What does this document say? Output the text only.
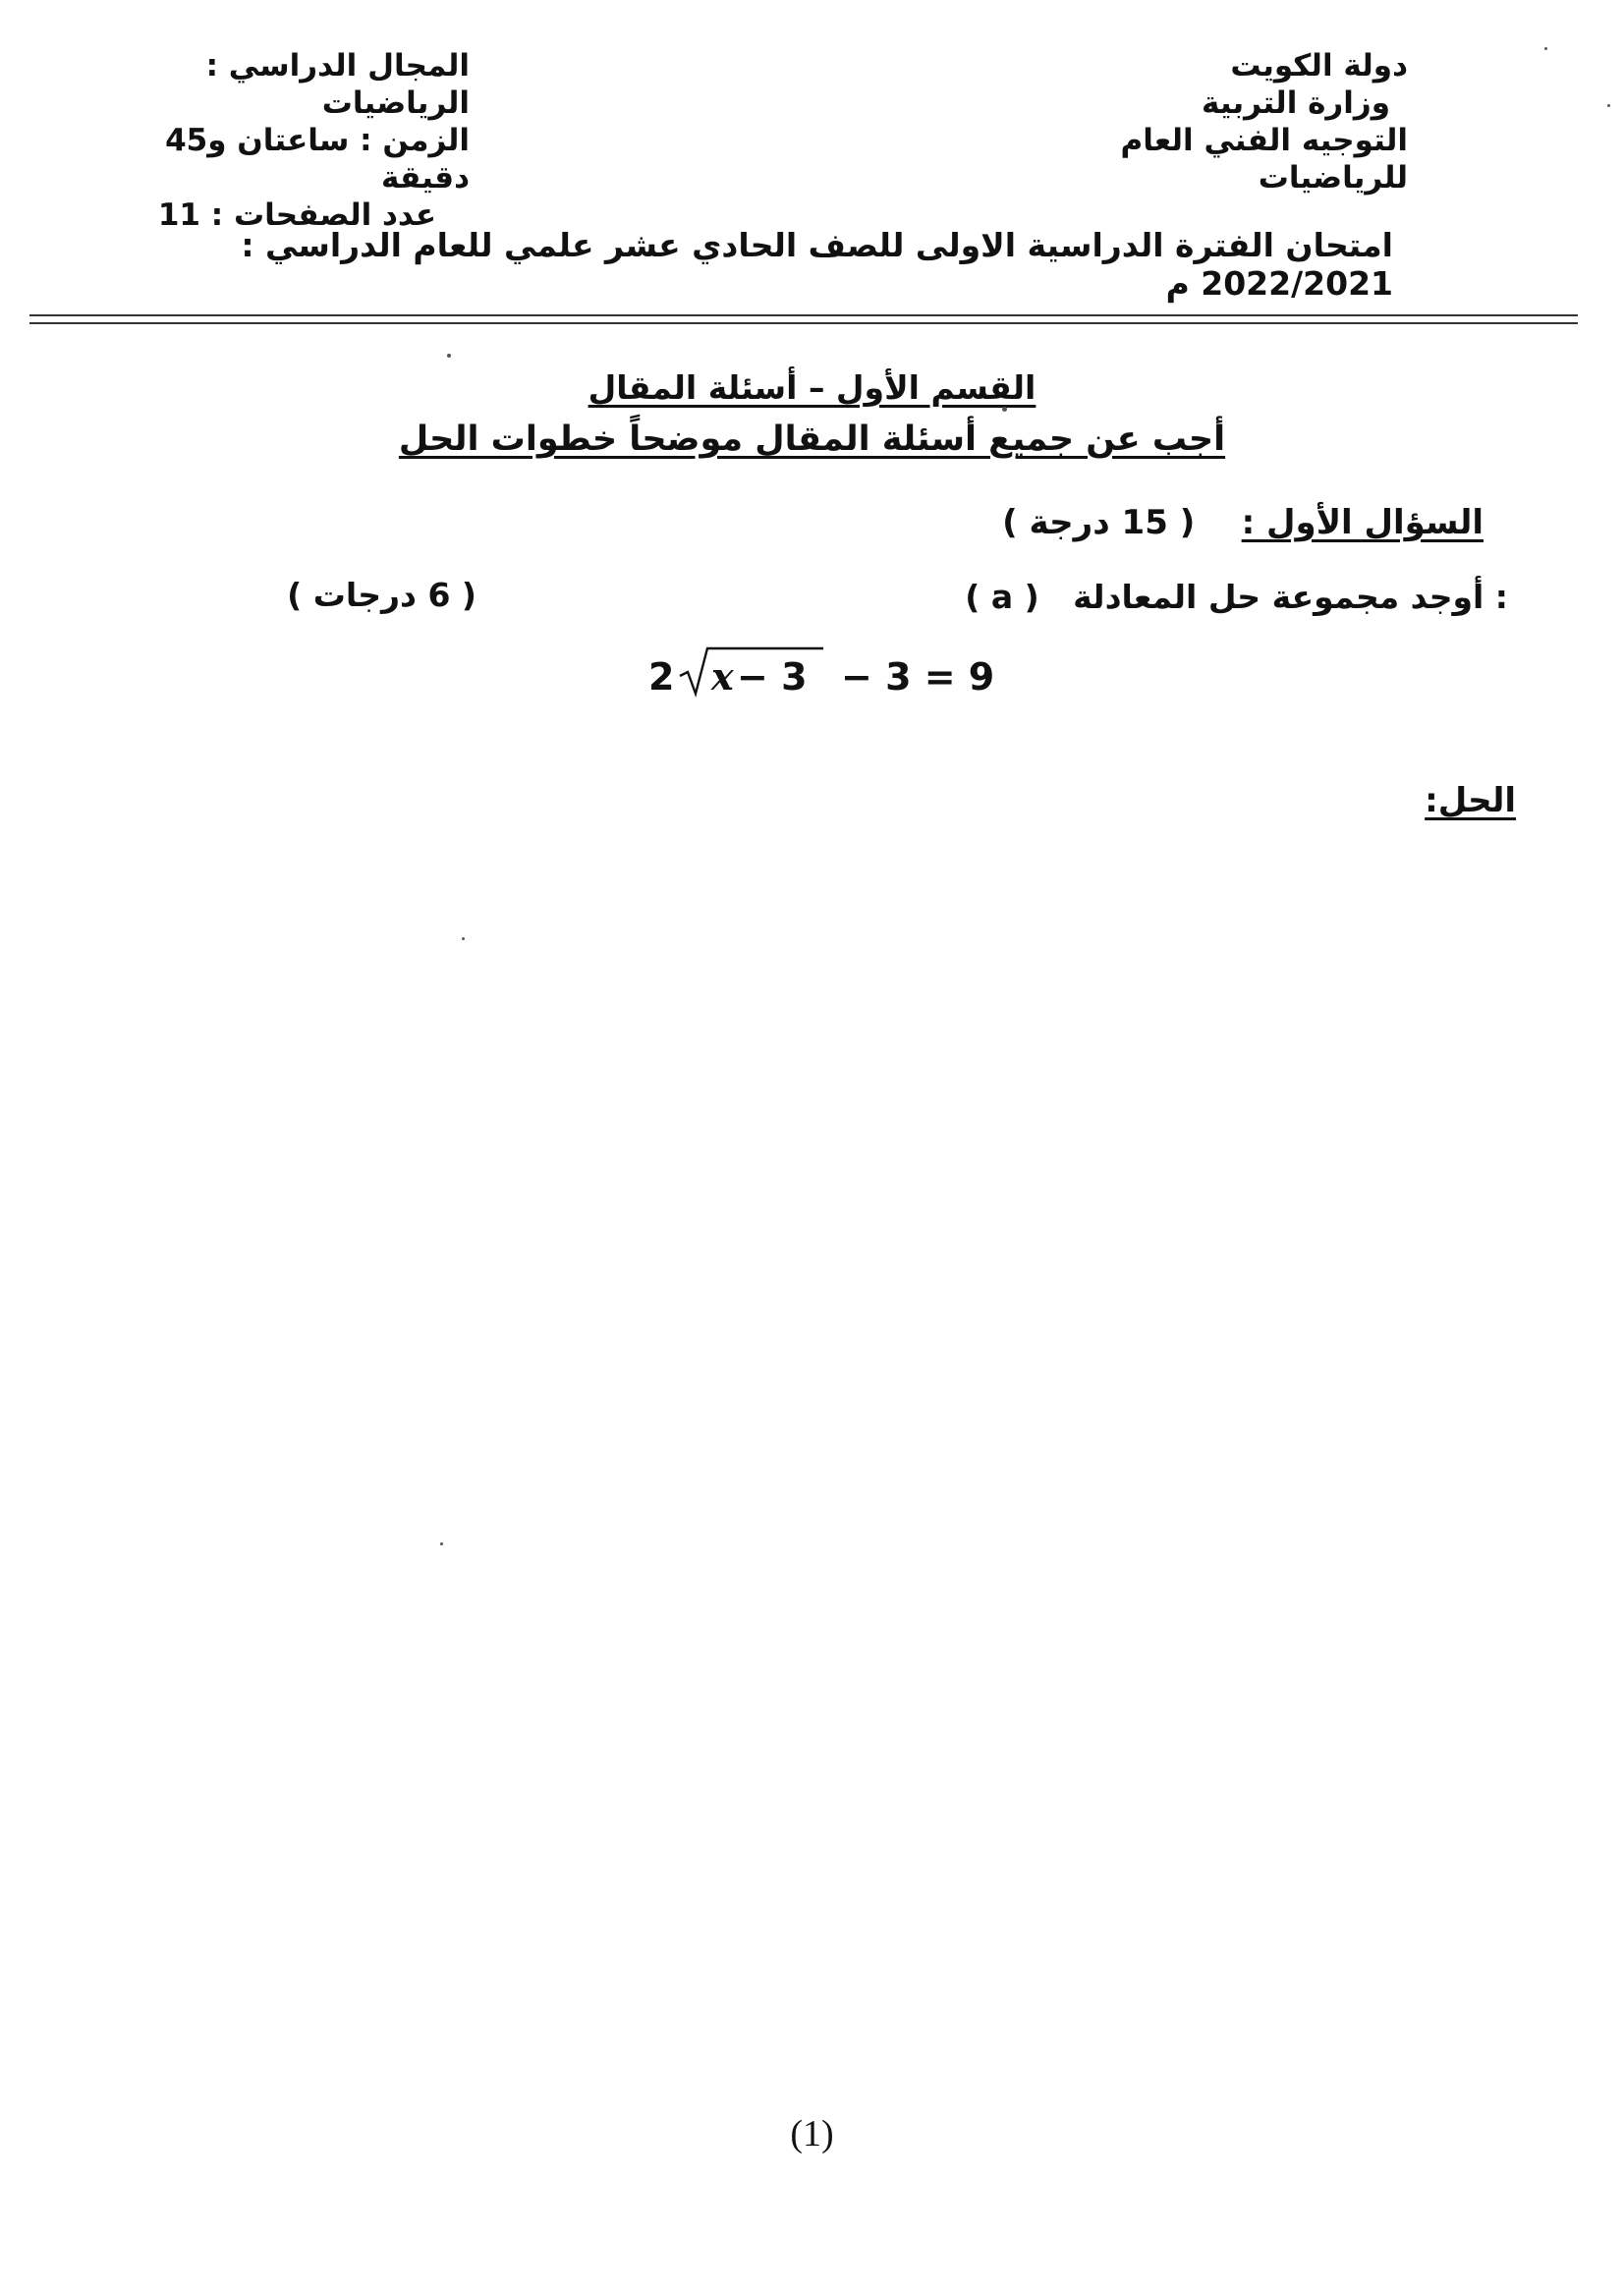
دولة الكويت
وزارة التربية
التوجيه الفني العام للرياضيات
المجال الدراسي : الرياضيات
الزمن : ساعتان و45 دقيقة
عدد الصفحات : 11
امتحان الفترة الدراسية الاولى للصف الحادي عشر علمي للعام الدراسي : 2022/2021 م
القسم الأول – أسئلة المقال
أجب عن جميع أسئلة المقال موضحاً خطوات الحل
السؤال الأول :    ( 15 درجة )
( a ) أوجد مجموعة حل المعادلة :
( 6 درجات )
2 x − 3 − 3 = 9
الحل:
(1)
